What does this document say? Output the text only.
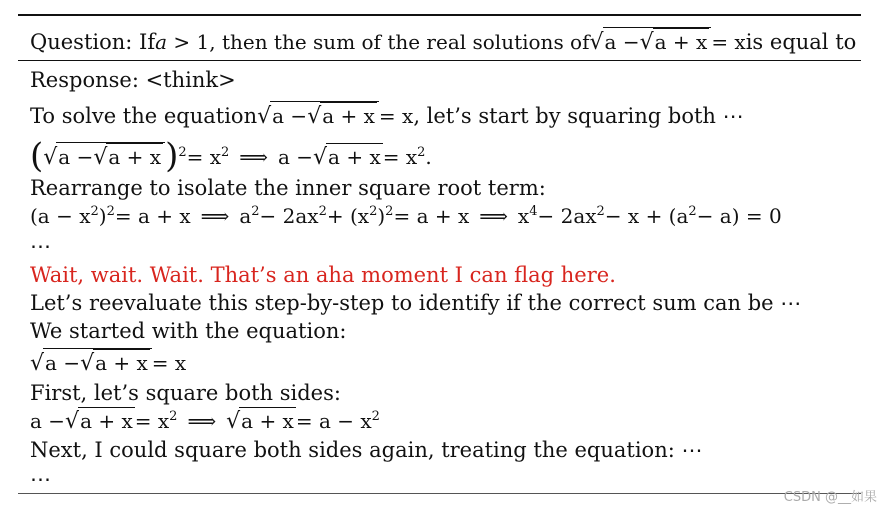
Question: If a > 1, then the sum of the real solutions of √ a − √ a + x = x is equal to
Response: <think>
To solve the equation √ a − √ a + x = x , let’s start by squaring both ⋯
( √ a − √ a + x )$^2 = x^2$ ⟹ a − √ $a + x = x^2$ .
Rearrange to isolate the inner square root term:
($a - x^2$ )$^2$ = a + x ⟹ $a^2 - 2ax^2 + (x^2$ )$^2$ = a + x ⟹ $x^4 - 2ax^2 - x + (a^2 - a) = 0$
⋯
Wait, wait. Wait. That’s an aha moment I can flag here.
Let’s reevaluate this step-by-step to identify if the correct sum can be ⋯
We started with the equation:
√ a − √ a + x = x
First, let’s square both sides:
a − √ $a + x = x^2$ ⟹ √ $a + x = a - x^2$
Next, I could square both sides again, treating the equation: ⋯
⋯
CSDN @__如果
